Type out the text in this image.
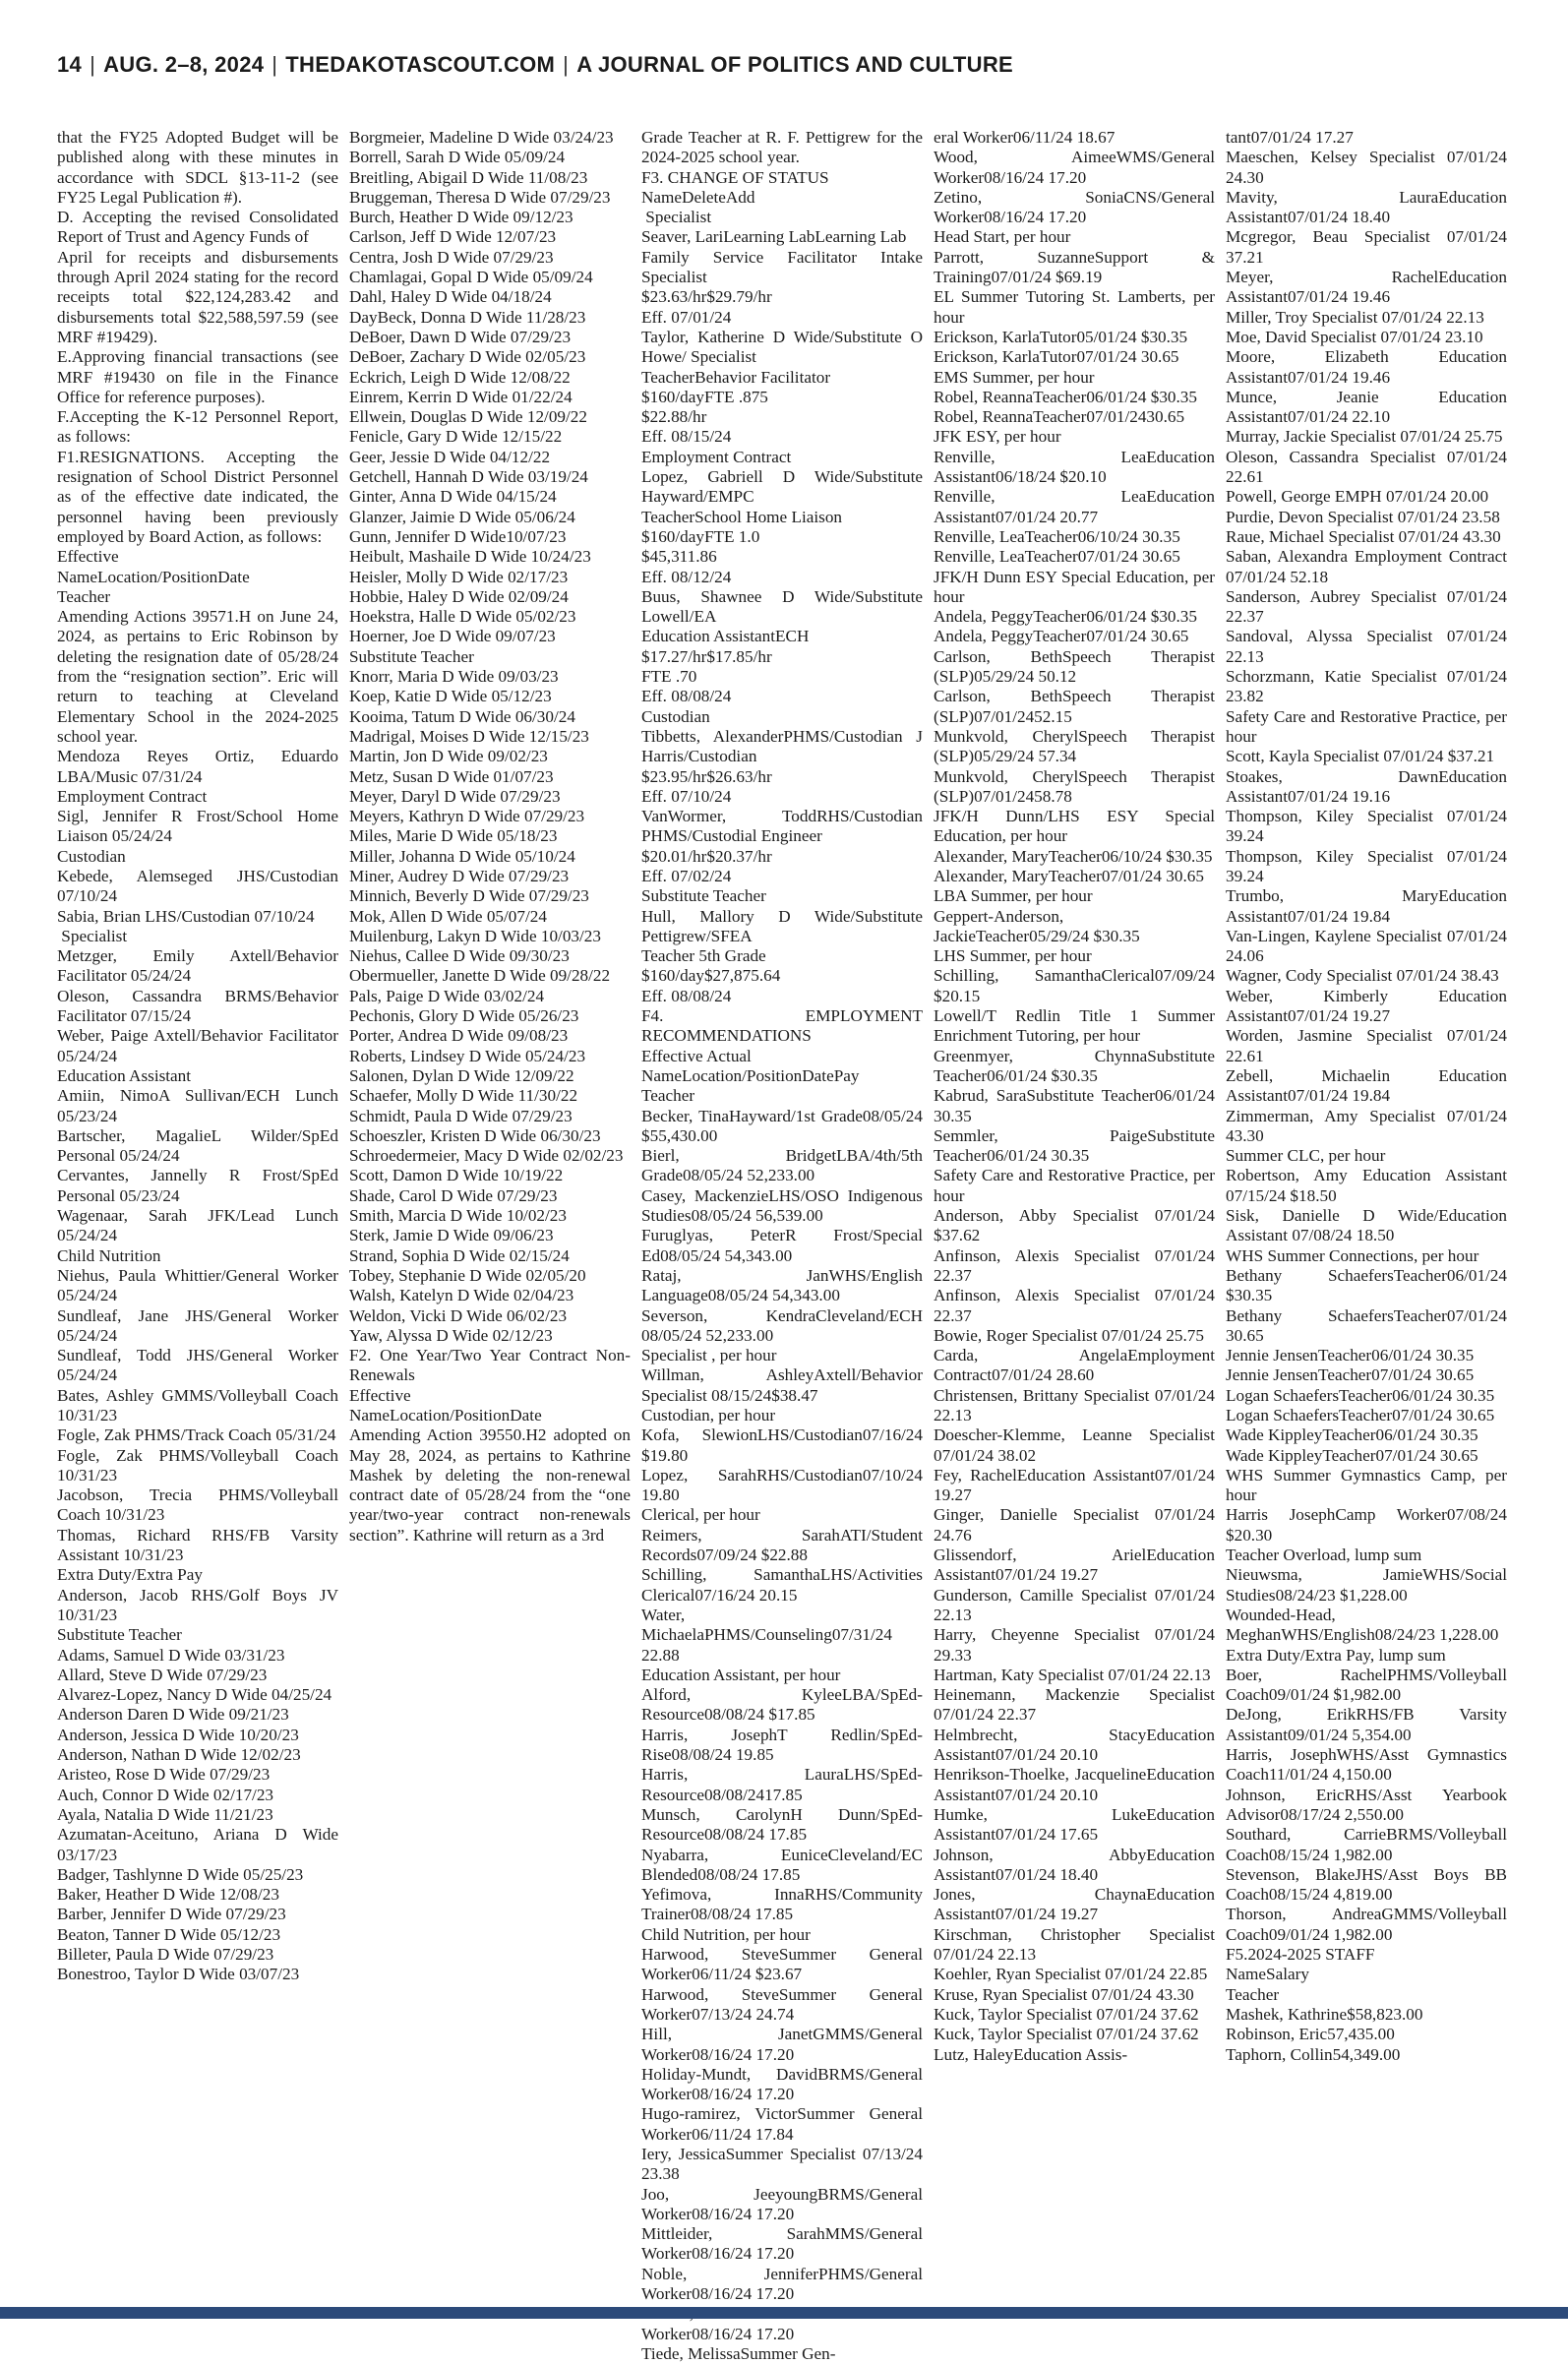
14 | AUG. 2–8, 2024 | THEDAKOTASCOUT.COM | A JOURNAL OF POLITICS AND CULTURE
that the FY25 Adopted Budget will be published along with these minutes in accordance with SDCL §13-11-2 (see FY25 Legal Publication #).
D. Accepting the revised Consolidated Report of Trust and Agency Funds of
April for receipts and disbursements through April 2024 stating for the record receipts total $22,124,283.42 and disbursements total $22,588,597.59 (see MRF #19429).
E.Approving financial transactions (see MRF #19430 on file in the Finance Office for reference purposes).
F.Accepting the K-12 Personnel Report, as follows:
F1.RESIGNATIONS. Accepting the resignation of School District Personnel as of the effective date indicated, the personnel having been previously employed by Board Action, as follows:
Effective
NameLocation/PositionDate
Teacher
Amending Actions 39571.H on June 24, 2024, as pertains to Eric Robinson by deleting the resignation date of 05/28/24 from the “resignation section”. Eric will return to teaching at Cleveland Elementary School in the 2024-2025 school year.
Mendoza Reyes Ortiz, Eduardo LBA/Music 07/31/24
Employment Contract
Sigl, Jennifer R Frost/School Home Liaison 05/24/24
Custodian
Kebede, Alemseged JHS/Custodian 07/10/24
Sabia, Brian LHS/Custodian 07/10/24
Specialist
Metzger, Emily Axtell/Behavior Facilitator 05/24/24
Oleson, Cassandra BRMS/Behavior Facilitator 07/15/24
Weber, Paige Axtell/Behavior Facilitator 05/24/24
Education Assistant
Amiin, NimoA Sullivan/ECH Lunch 05/23/24
Bartscher, MagalieL Wilder/SpEd Personal 05/24/24
Cervantes, Jannelly R Frost/SpEd Personal 05/23/24
Wagenaar, Sarah JFK/Lead Lunch 05/24/24
Child Nutrition
Niehus, Paula Whittier/General Worker 05/24/24
Sundleaf, Jane JHS/General Worker 05/24/24
Sundleaf, Todd JHS/General Worker 05/24/24
Bates, Ashley GMMS/Volleyball Coach 10/31/23
Fogle, Zak PHMS/Track Coach 05/31/24
Fogle, Zak PHMS/Volleyball Coach 10/31/23
Jacobson, Trecia PHMS/Volleyball Coach 10/31/23
Thomas, Richard RHS/FB Varsity Assistant 10/31/23
Extra Duty/Extra Pay
Anderson, Jacob RHS/Golf Boys JV 10/31/23
Substitute Teacher
Adams, Samuel D Wide 03/31/23
Allard, Steve D Wide 07/29/23
Alvarez-Lopez, Nancy D Wide 04/25/24
Anderson Daren D Wide 09/21/23
Anderson, Jessica D Wide 10/20/23
Anderson, Nathan D Wide 12/02/23
Aristeo, Rose D Wide 07/29/23
Auch, Connor D Wide 02/17/23
Ayala, Natalia D Wide 11/21/23
Azumatan-Aceituno, Ariana D Wide 03/17/23
Badger, Tashlynne D Wide 05/25/23
Baker, Heather D Wide 12/08/23
Barber, Jennifer D Wide 07/29/23
Beaton, Tanner D Wide 05/12/23
Billeter, Paula D Wide 07/29/23
Bonestroo, Taylor D Wide 03/07/23
Borgmeier, Madeline D Wide 03/24/23
Borrell, Sarah D Wide 05/09/24
Breitling, Abigail D Wide 11/08/23
Bruggeman, Theresa D Wide 07/29/23
Burch, Heather D Wide 09/12/23
Carlson, Jeff D Wide 12/07/23
Centra, Josh D Wide 07/29/23
Chamlagai, Gopal D Wide 05/09/24
Dahl, Haley D Wide 04/18/24
DayBeck, Donna D Wide 11/28/23
DeBoer, Dawn D Wide 07/29/23
DeBoer, Zachary D Wide 02/05/23
Eckrich, Leigh D Wide 12/08/22
Einrem, Kerrin D Wide 01/22/24
Ellwein, Douglas D Wide 12/09/22
Fenicle, Gary D Wide 12/15/22
Geer, Jessie D Wide 04/12/22
Getchell, Hannah D Wide 03/19/24
Ginter, Anna D Wide 04/15/24
Glanzer, Jaimie D Wide 05/06/24
Gunn, Jennifer D Wide10/07/23
Heibult, Mashaile D Wide 10/24/23
Heisler, Molly D Wide 02/17/23
Hobbie, Haley D Wide 02/09/24
Hoekstra, Halle D Wide 05/02/23
Hoerner, Joe D Wide 09/07/23
Substitute Teacher
Knorr, Maria D Wide 09/03/23
Koep, Katie D Wide 05/12/23
Kooima, Tatum D Wide 06/30/24
Madrigal, Moises D Wide 12/15/23
Martin, Jon D Wide 09/02/23
Metz, Susan D Wide 01/07/23
Meyer, Daryl D Wide 07/29/23
Meyers, Kathryn D Wide 07/29/23
Miles, Marie D Wide 05/18/23
Miller, Johanna D Wide 05/10/24
Miner, Audrey D Wide 07/29/23
Minnich, Beverly D Wide 07/29/23
Mok, Allen D Wide 05/07/24
Muilenburg, Lakyn D Wide 10/03/23
Niehus, Callee D Wide 09/30/23
Obermueller, Janette D Wide 09/28/22
Pals, Paige D Wide 03/02/24
Pechonis, Glory D Wide 05/26/23
Porter, Andrea D Wide 09/08/23
Roberts, Lindsey D Wide 05/24/23
Salonen, Dylan D Wide 12/09/22
Schaefer, Molly D Wide 11/30/22
Schmidt, Paula D Wide 07/29/23
Schoeszler, Kristen D Wide 06/30/23
Schroedermeier, Macy D Wide 02/02/23
Scott, Damon D Wide 10/19/22
Shade, Carol D Wide 07/29/23
Smith, Marcia D Wide 10/02/23
Sterk, Jamie D Wide 09/06/23
Strand, Sophia D Wide 02/15/24
Tobey, Stephanie D Wide 02/05/20
Walsh, Katelyn D Wide 02/04/23
Weldon, Vicki D Wide 06/02/23
Yaw, Alyssa D Wide 02/12/23
F2. One Year/Two Year Contract Non-Renewals
Effective
NameLocation/PositionDate
Amending Action 39550.H2 adopted on May 28, 2024, as pertains to Kathrine Mashek by deleting the non-renewal contract date of 05/28/24 from the “one year/two-year contract non-renewals section”. Kathrine will return as a 3rd
Grade Teacher at R. F. Pettigrew for the 2024-2025 school year.
F3. CHANGE OF STATUS
NameDeleteAdd
Specialist
Seaver, LariLearning LabLearning Lab
Family Service Facilitator Intake Specialist
$23.63/hr$29.79/hr
Eff. 07/01/24
Taylor, Katherine D Wide/Substitute O Howe/ Specialist
TeacherBehavior Facilitator
$160/dayFTE .875
$22.88/hr
Eff. 08/15/24
Employment Contract
Lopez, Gabriell D Wide/Substitute Hayward/EMPC
TeacherSchool Home Liaison
$160/dayFTE 1.0
$45,311.86
Eff. 08/12/24
Buus, Shawnee D Wide/Substitute Lowell/EA
Education AssistantECH
$17.27/hr$17.85/hr
FTE .70
Eff. 08/08/24
Custodian
Tibbetts, AlexanderPHMS/Custodian J Harris/Custodian
$23.95/hr$26.63/hr
Eff. 07/10/24
VanWormer, ToddRHS/Custodian PHMS/Custodial Engineer
$20.01/hr$20.37/hr
Eff. 07/02/24
Substitute Teacher
Hull, Mallory D Wide/Substitute Pettigrew/SFEA
Teacher 5th Grade
$160/day$27,875.64
Eff. 08/08/24
F4. EMPLOYMENT RECOMMENDATIONS
Effective Actual
NameLocation/PositionDatePay
Teacher
Becker, TinaHayward/1st Grade08/05/24 $55,430.00
Bierl, BridgetLBA/4th/5th Grade08/05/24 52,233.00
Casey, MackenzieLHS/OSO Indigenous Studies08/05/24 56,539.00
Furuglyas, PeterR Frost/Special Ed08/05/24 54,343.00
Rataj, JanWHS/English Language08/05/24 54,343.00
Severson, KendraCleveland/ECH 08/05/24 52,233.00
Specialist , per hour
Willman, AshleyAxtell/Behavior Specialist 08/15/24$38.47
Custodian, per hour
Kofa, SlewionLHS/Custodian07/16/24 $19.80
Lopez, SarahRHS/Custodian07/10/24 19.80
Clerical, per hour
Reimers, SarahATI/Student Records07/09/24 $22.88
Schilling, SamanthaLHS/Activities Clerical07/16/24 20.15
Water, MichaelaPHMS/Counseling07/31/24 22.88
Education Assistant, per hour
Alford, KyleeLBA/SpEd-Resource08/08/24 $17.85
Harris, JosephT Redlin/SpEd-Rise08/08/24 19.85
Harris, LauraLHS/SpEd-Resource08/08/2417.85
Munsch, CarolynH Dunn/SpEd-Resource08/08/24 17.85
Nyabarra, EuniceCleveland/EC Blended08/08/24 17.85
Yefimova, InnaRHS/Community Trainer08/08/24 17.85
Child Nutrition, per hour
Harwood, SteveSummer General Worker06/11/24 $23.67
Harwood, SteveSummer General Worker07/13/24 24.74
Hill, JanetGMMS/General Worker08/16/24 17.20
Holiday-Mundt, DavidBRMS/General Worker08/16/24 17.20
Hugo-ramirez, VictorSummer General Worker06/11/24 17.84
Iery, JessicaSummer Specialist 07/13/24 23.38
Joo, JeeyoungBRMS/General Worker08/16/24 17.20
Mittleider, SarahMMS/General Worker08/16/24 17.20
Noble, JenniferPHMS/General Worker08/16/24 17.20
Worker08/16/24 17.20
Tiede, MelissaSummer Gen-
eral Worker06/11/24 18.67
Wood, AimeeWMS/General Worker08/16/24 17.20
Zetino, SoniaCNS/General Worker08/16/24 17.20
Head Start, per hour
Parrott, SuzanneSupport & Training07/01/24 $69.19
EL Summer Tutoring St. Lamberts, per hour
Erickson, KarlaTutor05/01/24 $30.35
Erickson, KarlaTutor07/01/24 30.65
EMS Summer, per hour
Robel, ReannaTeacher06/01/24 $30.35
Robel, ReannaTeacher07/01/2430.65
JFK ESY, per hour
Renville, LeaEducation Assistant06/18/24 $20.10
Renville, LeaEducation Assistant07/01/24 20.77
Renville, LeaTeacher06/10/24 30.35
Renville, LeaTeacher07/01/24 30.65
JFK/H Dunn ESY Special Education, per hour
Andela, PeggyTeacher06/01/24 $30.35
Andela, PeggyTeacher07/01/24 30.65
Carlson, BethSpeech Therapist (SLP)05/29/24 50.12
Carlson, BethSpeech Therapist (SLP)07/01/2452.15
Munkvold, CherylSpeech Therapist (SLP)05/29/24 57.34
Munkvold, CherylSpeech Therapist (SLP)07/01/2458.78
JFK/H Dunn/LHS ESY Special Education, per hour
Alexander, MaryTeacher06/10/24 $30.35
Alexander, MaryTeacher07/01/24 30.65
LBA Summer, per hour
Geppert-Anderson, JackieTeacher05/29/24 $30.35
LHS Summer, per hour
Schilling, SamanthaClerical07/09/24 $20.15
Lowell/T Redlin Title 1 Summer Enrichment Tutoring, per hour
Greenmyer, ChynnaSubstitute Teacher06/01/24 $30.35
Kabrud, SaraSubstitute Teacher06/01/24 30.35
Semmler, PaigeSubstitute Teacher06/01/24 30.35
Safety Care and Restorative Practice, per hour
Anderson, Abby Specialist 07/01/24 $37.62
Anfinson, Alexis Specialist 07/01/24 22.37
Anfinson, Alexis Specialist 07/01/24 22.37
Bowie, Roger Specialist 07/01/24 25.75
Carda, AngelaEmployment Contract07/01/24 28.60
Christensen, Brittany Specialist 07/01/24 22.13
Doescher-Klemme, Leanne Specialist 07/01/24 38.02
Fey, RachelEducation Assistant07/01/24 19.27
Ginger, Danielle Specialist 07/01/24 24.76
Glissendorf, ArielEducation Assistant07/01/24 19.27
Gunderson, Camille Specialist 07/01/24 22.13
Harry, Cheyenne Specialist 07/01/24 29.33
Hartman, Katy Specialist 07/01/24 22.13
Heinemann, Mackenzie Specialist 07/01/24 22.37
Helmbrecht, StacyEducation Assistant07/01/24 20.10
Henrikson-Thoelke, JacquelineEducation Assistant07/01/24 20.10
Humke, LukeEducation Assistant07/01/24 17.65
Johnson, AbbyEducation Assistant07/01/24 18.40
Jones, ChaynaEducation Assistant07/01/24 19.27
Kirschman, Christopher Specialist 07/01/24 22.13
Koehler, Ryan Specialist 07/01/24 22.85
Kruse, Ryan Specialist 07/01/24 43.30
Kuck, Taylor Specialist 07/01/24 37.62
Kuck, Taylor Specialist 07/01/24 37.62
Lutz, HaleyEducation Assis-
tant07/01/24 17.27
Maeschen, Kelsey Specialist 07/01/24 24.30
Mavity, LauraEducation Assistant07/01/24 18.40
Mcgregor, Beau Specialist 07/01/24 37.21
Meyer, RachelEducation Assistant07/01/24 19.46
Miller, Troy Specialist 07/01/24 22.13
Moe, David Specialist 07/01/24 23.10
Moore, Elizabeth Education Assistant07/01/24 19.46
Munce, Jeanie Education Assistant07/01/24 22.10
Murray, Jackie Specialist 07/01/24 25.75
Oleson, Cassandra Specialist 07/01/24 22.61
Powell, George EMPH 07/01/24 20.00
Purdie, Devon Specialist 07/01/24 23.58
Raue, Michael Specialist 07/01/24 43.30
Saban, Alexandra Employment Contract 07/01/24 52.18
Sanderson, Aubrey Specialist 07/01/24 22.37
Sandoval, Alyssa Specialist 07/01/24 22.13
Schorzmann, Katie Specialist 07/01/24 23.82
Safety Care and Restorative Practice, per hour
Scott, Kayla Specialist 07/01/24 $37.21
Stoakes, DawnEducation Assistant07/01/24 19.16
Thompson, Kiley Specialist 07/01/24 39.24
Thompson, Kiley Specialist 07/01/24 39.24
Trumbo, MaryEducation Assistant07/01/24 19.84
Van-Lingen, Kaylene Specialist 07/01/24 24.06
Wagner, Cody Specialist 07/01/24 38.43
Weber, Kimberly Education Assistant07/01/24 19.27
Worden, Jasmine Specialist 07/01/24 22.61
Zebell, Michaelin Education Assistant07/01/24 19.84
Zimmerman, Amy Specialist 07/01/24 43.30
Summer CLC, per hour
Robertson, Amy Education Assistant 07/15/24 $18.50
Sisk, Danielle D Wide/Education Assistant 07/08/24 18.50
WHS Summer Connections, per hour
Bethany SchaefersTeacher06/01/24 $30.35
Bethany SchaefersTeacher07/01/24 30.65
Jennie JensenTeacher06/01/24 30.35
Jennie JensenTeacher07/01/24 30.65
Logan SchaefersTeacher06/01/24 30.35
Logan SchaefersTeacher07/01/24 30.65
Wade KippleyTeacher06/01/24 30.35
Wade KippleyTeacher07/01/24 30.65
WHS Summer Gymnastics Camp, per hour
Harris JosephCamp Worker07/08/24 $20.30
Teacher Overload, lump sum
Nieuwsma, JamieWHS/Social Studies08/24/23 $1,228.00
Wounded-Head, MeghanWHS/English08/24/23 1,228.00
Extra Duty/Extra Pay, lump sum
Boer, RachelPHMS/Volleyball Coach09/01/24 $1,982.00
DeJong, ErikRHS/FB Varsity Assistant09/01/24 5,354.00
Harris, JosephWHS/Asst Gymnastics Coach11/01/24 4,150.00
Johnson, EricRHS/Asst Yearbook Advisor08/17/24 2,550.00
Southard, CarrieBRMS/Volleyball Coach08/15/24 1,982.00
Stevenson, BlakeJHS/Asst Boys BB Coach08/15/24 4,819.00
Thorson, AndreaGMMS/Volleyball Coach09/01/24 1,982.00
F5.2024-2025 STAFF
NameSalary
Teacher
Mashek, Kathrine$58,823.00
Robinson, Eric57,435.00
Taphorn, Collin54,349.00
